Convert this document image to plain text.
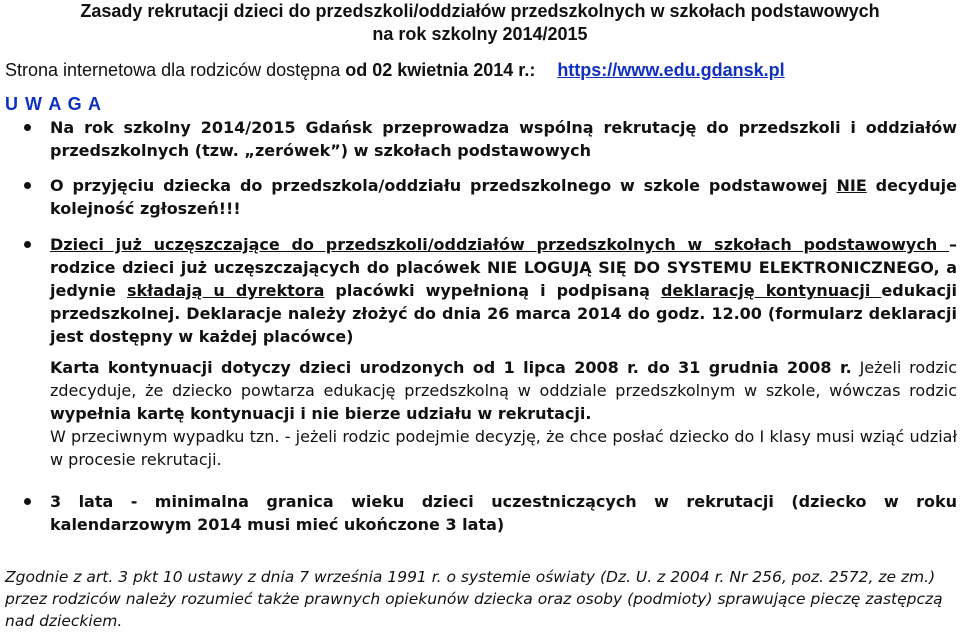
Zasady rekrutacji dzieci do przedszkoli/oddziałów przedszkolnych w szkołach podstawowych

na rok szkolny 2014/2015

Strona internetowa dla rodziców dostępna od 02 kwietnia 2014 r.: https://www.edu.gdansk.pl
U W A G A
Na rok szkolny 2014/2015 Gdańsk przeprowadza wspólną rekrutację do przedszkoli i oddziałów przedszkolnych (tzw. „zerówek”) w szkołach podstawowych
O przyjęciu dziecka do przedszkola/oddziału przedszkolnego w szkole podstawowej NIE decyduje kolejność zgłoszeń!!!
Dzieci już uczęszczające do przedszkoli/oddziałów przedszkolnych w szkołach podstawowych – rodzice dzieci już uczęszczających do placówek NIE LOGUJĄ SIĘ DO SYSTEMU ELEKTRONICZNEGO, a jedynie składają u dyrektora placówki wypełnioną i podpisaną deklarację kontynuacji edukacji przedszkolnej. Deklaracje należy złożyć do dnia 26 marca 2014 do godz. 12.00 (formularz deklaracji jest dostępny w każdej placówce)
Karta kontynuacji dotyczy dzieci urodzonych od 1 lipca 2008 r. do 31 grudnia 2008 r. Jeżeli rodzic zdecyduje, że dziecko powtarza edukację przedszkolną w oddziale przedszkolnym w szkole, wówczas rodzic wypełnia kartę kontynuacji i nie bierze udziału w rekrutacji.
W przeciwnym wypadku tzn. - jeżeli rodzic podejmie decyzję, że chce posłać dziecko do I klasy musi wziąć udział w procesie rekrutacji.
3 lata - minimalna granica wieku dzieci uczestniczących w rekrutacji (dziecko w roku kalendarzowym 2014 musi mieć ukończone 3 lata)
Zgodnie z art. 3 pkt 10 ustawy z dnia 7 września 1991 r. o systemie oświaty (Dz. U. z 2004 r. Nr 256, poz. 2572, ze zm.) przez rodziców należy rozumieć także prawnych opiekunów dziecka oraz osoby (podmioty) sprawujące pieczę zastępczą nad dzieckiem.
